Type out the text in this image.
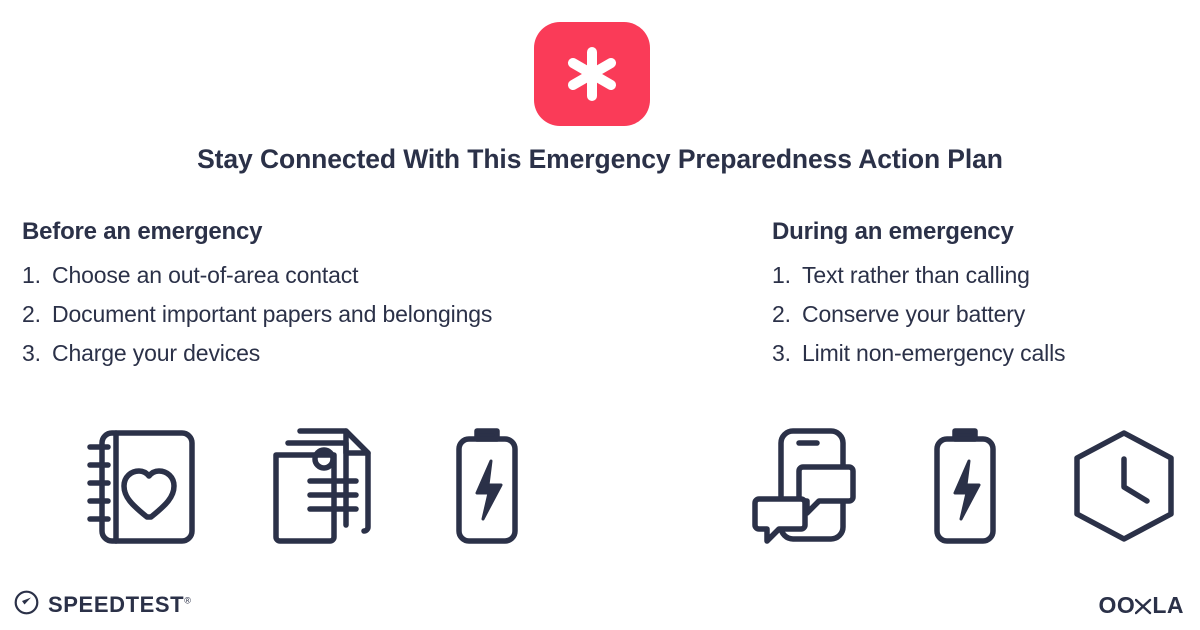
Stay Connected With This Emergency Preparedness Action Plan
Before an emergency
1. Choose an out-of-area contact
2. Document important papers and belongings
3. Charge your devices
During an emergency
1. Text rather than calling
2. Conserve your battery
3. Limit non-emergency calls
SPEEDTEST®	OO LA
